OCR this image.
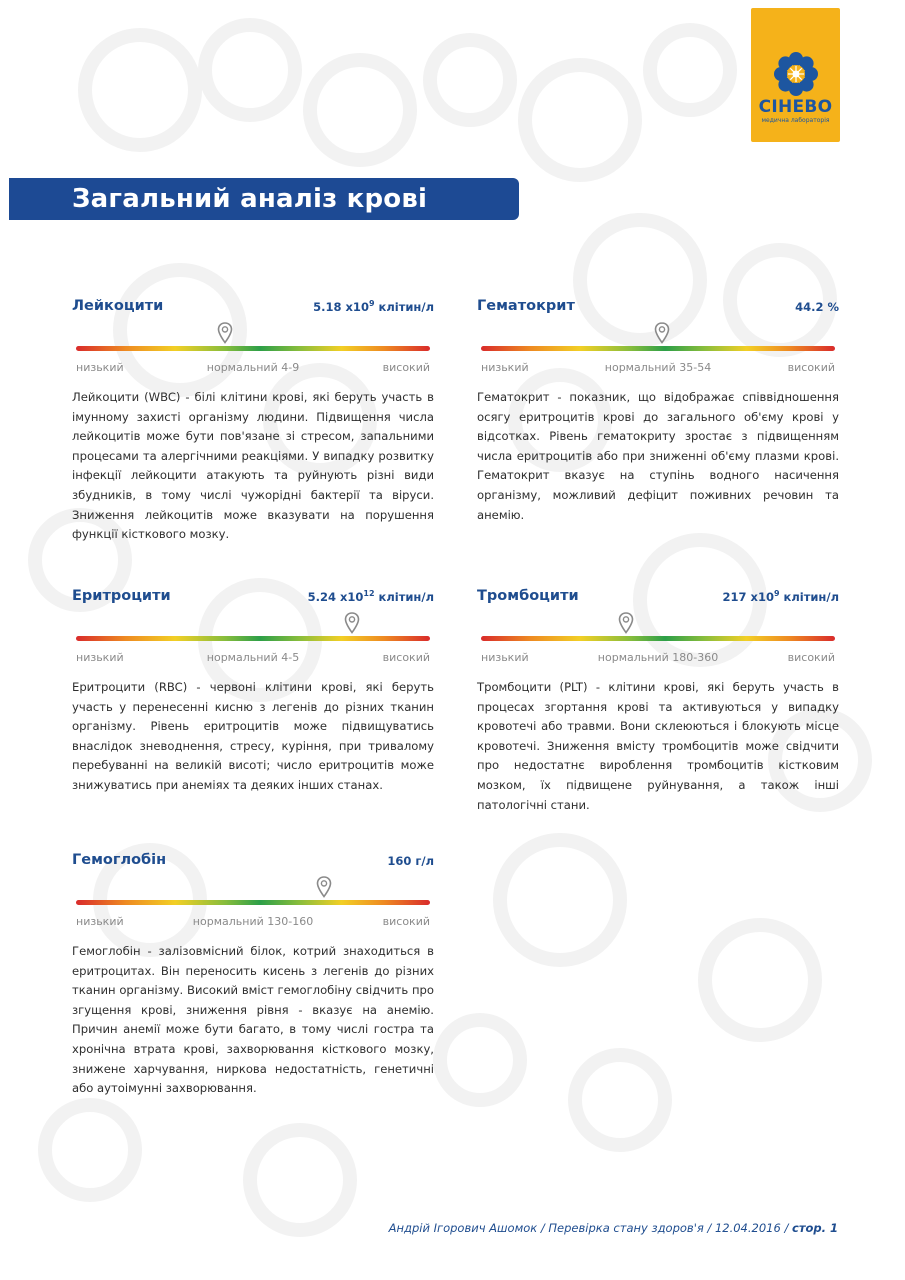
СІНЕВО
медична лабораторія
Загальний аналіз крові
Лейкоцити	5.18 $x10^9$ клітин/л
низький	нормальний 4-9	високий

Лейкоцити (WBC) - білі клітини крові, які беруть участь в імунному захисті організму людини. Підвищення числа лейкоцитів може бути пов'язане зі стресом, запальними процесами та алергічними реакціями. У випадку розвитку інфекції лейкоцити атакують та руйнують різні види збудників, в тому числі чужорідні бактерії та віруси. Зниження лейкоцитів може вказувати на порушення функції кісткового мозку.

Гематокрит	44.2 %
низький	нормальний 35-54	високий

Гематокрит - показник, що відображає співвідношення осягу еритроцитів крові до загального об'єму крові у відсотках. Рівень гематокриту зростає з підвищенням числа еритроцитів або при зниженні об'єму плазми крові. Гематокрит вказує на ступінь водного насичення організму, можливий дефіцит поживних речовин та анемію.

Еритроцити	5.24 $x10^{12}$ клітин/л
низький	нормальний 4-5	високий

Еритроцити (RBC) - червоні клітини крові, які беруть участь у перенесенні кисню з легенів до різних тканин організму. Рівень еритроцитів може підвищуватись внаслідок зневоднення, стресу, куріння, при тривалому перебуванні на великій висоті; число еритроцитів може знижуватись при анеміях та деяких інших станах.

Тромбоцити	217 $x10^9$ клітин/л
низький	нормальний 180-360	високий

Тромбоцити (PLT) - клітини крові, які беруть участь в процесах згортання крові та активуються у випадку кровотечі або травми. Вони склеюються і блокують місце кровотечі. Зниження вмісту тромбоцитів може свідчити про недостатнє вироблення тромбоцитів кістковим мозком, їх підвищене руйнування, а також інші патологічні стани.

Гемоглобін	160 г/л
низький	нормальний 130-160	високий

Гемоглобін - залізовмісний білок, котрий знаходиться в еритроцитах. Він переносить кисень з легенів до різних тканин організму. Високий вміст гемоглобіну свідчить про згущення крові, зниження рівня - вказує на анемію. Причин анемії може бути багато, в тому числі гостра та хронічна втрата крові, захворювання кісткового мозку, знижене харчування, ниркова недостатність, генетичні або аутоімунні захворювання.

Андрій Ігорович Ашомок / Перевірка стану здоров'я / 12.04.2016 / стор. 1
